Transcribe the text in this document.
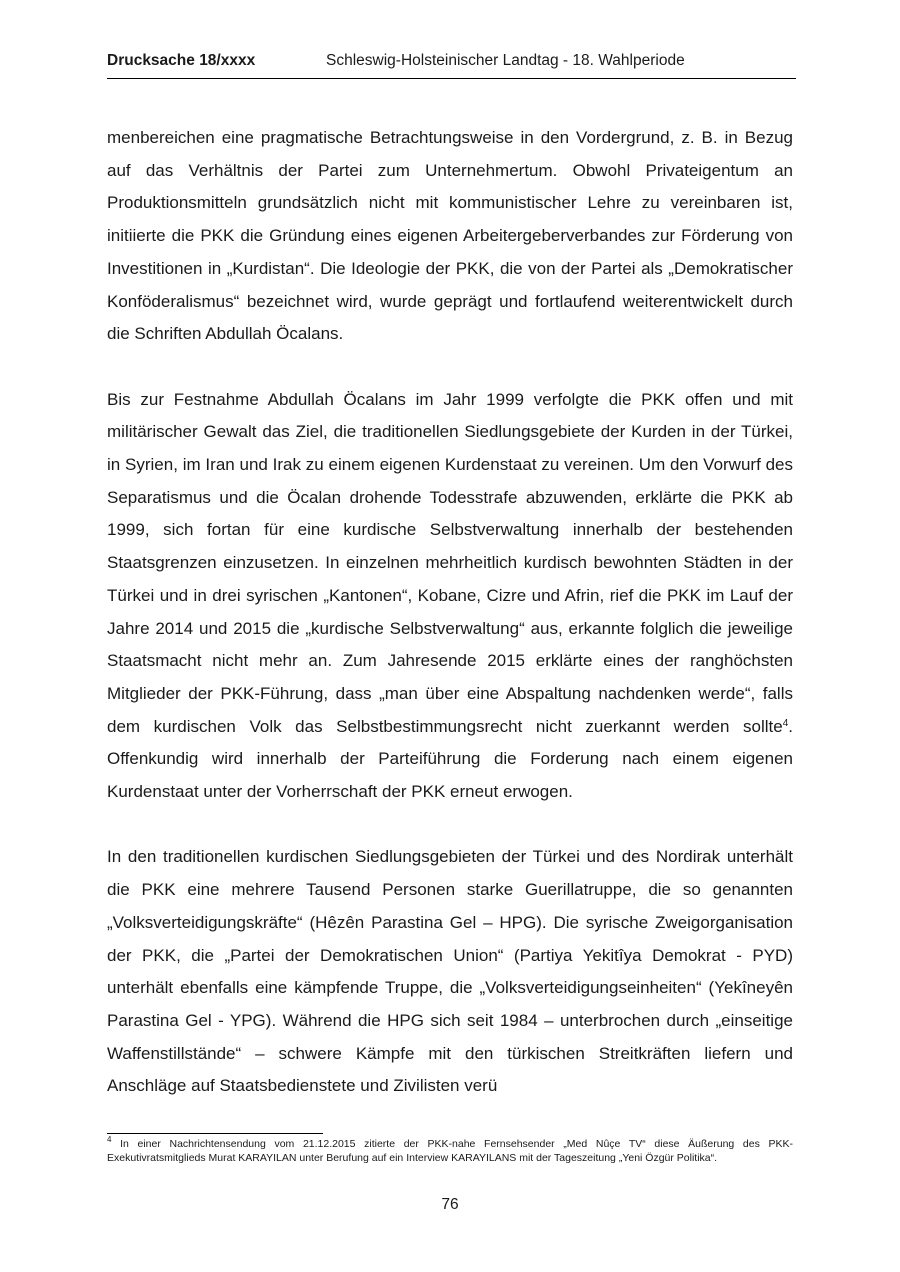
Drucksache 18/xxxx	Schleswig-Holsteinischer Landtag - 18. Wahlperiode

menbereichen eine pragmatische Betrachtungsweise in den Vordergrund, z. B. in Bezug auf das Verhältnis der Partei zum Unternehmertum. Obwohl Privateigentum an Produktionsmitteln grundsätzlich nicht mit kommunistischer Lehre zu vereinbaren ist, initiierte die PKK die Gründung eines eigenen Arbeitergeberverbandes zur Förderung von Investitionen in „Kurdistan“. Die Ideologie der PKK, die von der Partei als „Demokratischer Konföderalismus“ bezeichnet wird, wurde geprägt und fortlaufend weiterentwickelt durch die Schriften Abdullah Öcalans.

Bis zur Festnahme Abdullah Öcalans im Jahr 1999 verfolgte die PKK offen und mit militärischer Gewalt das Ziel, die traditionellen Siedlungsgebiete der Kurden in der Türkei, in Syrien, im Iran und Irak zu einem eigenen Kurdenstaat zu vereinen. Um den Vorwurf des Separatismus und die Öcalan drohende Todesstrafe abzuwenden, erklärte die PKK ab 1999, sich fortan für eine kurdische Selbstverwaltung innerhalb der bestehenden Staatsgrenzen einzusetzen. In einzelnen mehrheitlich kurdisch bewohnten Städten in der Türkei und in drei syrischen „Kantonen“, Kobane, Cizre und Afrin, rief die PKK im Lauf der Jahre 2014 und 2015 die „kurdische Selbstverwaltung“ aus, erkannte folglich die jeweilige Staatsmacht nicht mehr an. Zum Jahresende 2015 erklärte eines der ranghöchsten Mitglieder der PKK-Führung, dass „man über eine Abspaltung nachdenken werde“, falls dem kurdischen Volk das Selbstbestimmungsrecht nicht zuerkannt werden sollte$^4$. Offenkundig wird innerhalb der Parteiführung die Forderung nach einem eigenen Kurdenstaat unter der Vorherrschaft der PKK erneut erwogen.

In den traditionellen kurdischen Siedlungsgebieten der Türkei und des Nordirak unterhält die PKK eine mehrere Tausend Personen starke Guerillatruppe, die so genannten „Volksverteidigungskräfte“ (Hêzên Parastina Gel – HPG). Die syrische Zweigorganisation der PKK, die „Partei der Demokratischen Union“ (Partiya Yekitîya Demokrat - PYD) unterhält ebenfalls eine kämpfende Truppe, die „Volksverteidigungseinheiten“ (Yekîneyên Parastina Gel - YPG). Während die HPG sich seit 1984 – unterbrochen durch „einseitige Waffenstillstände“ – schwere Kämpfe mit den türkischen Streitkräften liefern und Anschläge auf Staatsbedienstete und Zivilisten verü

$^4$ In einer Nachrichtensendung vom 21.12.2015 zitierte der PKK-nahe Fernsehsender „Med Nûçe TV“ diese Äußerung des PKK-Exekutivratsmitglieds Murat KARAYILAN unter Berufung auf ein Interview KARAYILANS mit der Tageszeitung „Yeni Özgür Politika“.

76
